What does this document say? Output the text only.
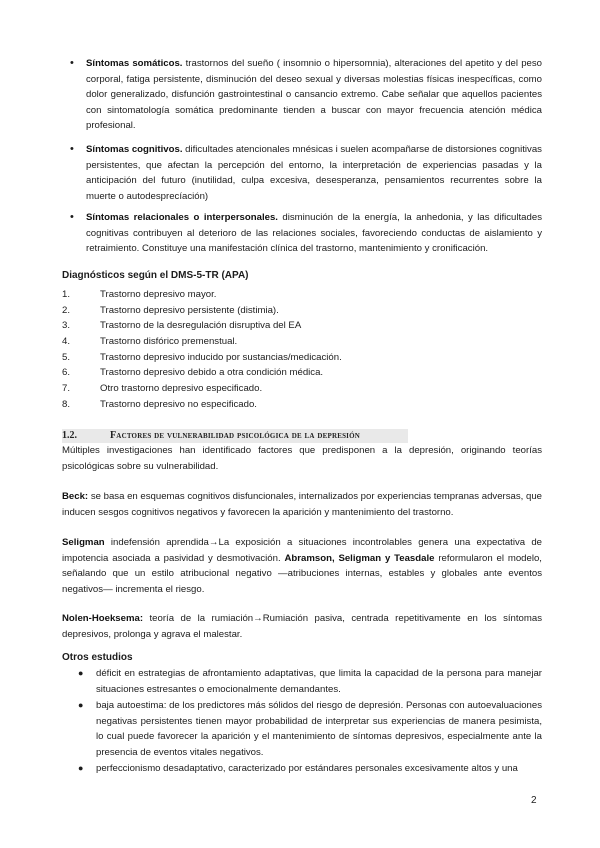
• Síntomas somáticos. trastornos del sueño ( insomnio o hipersomnia), alteraciones del apetito y del peso corporal, fatiga persistente, disminución del deseo sexual y diversas molestias físicas inespecíficas, como dolor generalizado, disfunción gastrointestinal o cansancio extremo. Cabe señalar que aquellos pacientes con sintomatología somática predominante tienden a buscar con mayor frecuencia atención médica profesional.

• Síntomas cognitivos. dificultades atencionales mnésicas i suelen acompañarse de distorsiones cognitivas persistentes, que afectan la percepción del entorno, la interpretación de experiencias pasadas y la anticipación del futuro (inutilidad, culpa excesiva, desesperanza, pensamientos recurrentes sobre la muerte o autodesprecíación)

• Síntomas relacionales o interpersonales. disminución de la energía, la anhedonia, y las dificultades cognitivas contribuyen al deterioro de las relaciones sociales, favoreciendo conductas de aislamiento y retraimiento. Constituye una manifestación clínica del trastorno, mantenimiento y cronificación.

Diagnósticos según el DMS-5-TR (APA)
1.	Trastorno depresivo mayor.
2.	Trastorno depresivo persistente (distimia).
3.	Trastorno de la desregulación disruptiva del EA
4.	Trastorno disfórico premenstual.
5.	Trastorno depresivo inducido por sustancias/medicación.
6.	Trastorno depresivo debido a otra condición médica.
7.	Otro trastorno depresivo especificado.
8.	Trastorno depresivo no especificado.
1.2.	Factores de vulnerabilidad psicológica de la depresión

Múltiples investigaciones han identificado factores que predisponen a la depresión, originando teorías psicológicas sobre su vulnerabilidad.

Beck: se basa en esquemas cognitivos disfuncionales, internalizados por experiencias tempranas adversas, que inducen sesgos cognitivos negativos y favorecen la aparición y mantenimiento del trastorno.

Seligman indefensión aprendida→La exposición a situaciones incontrolables genera una expectativa de impotencia asociada a pasividad y desmotivación. Abramson, Seligman y Teasdale reformularon el modelo, señalando que un estilo atribucional negativo —atribuciones internas, estables y globales ante eventos negativos— incrementa el riesgo.

Nolen-Hoeksema: teoría de la rumiación→Rumiación pasiva, centrada repetitivamente en los síntomas depresivos, prolonga y agrava el malestar.

Otros estudios
● déficit en estrategias de afrontamiento adaptativas, que limita la capacidad de la persona para manejar situaciones estresantes o emocionalmente demandantes.

● baja autoestima: de los predictores más sólidos del riesgo de depresión. Personas con autoevaluaciones negativas persistentes tienen mayor probabilidad de interpretar sus experiencias de manera pesimista, lo cual puede favorecer la aparición y el mantenimiento de síntomas depresivos, especialmente ante la presencia de eventos vitales negativos.

● perfeccionismo desadaptativo, caracterizado por estándares personales excesivamente altos y una

2
